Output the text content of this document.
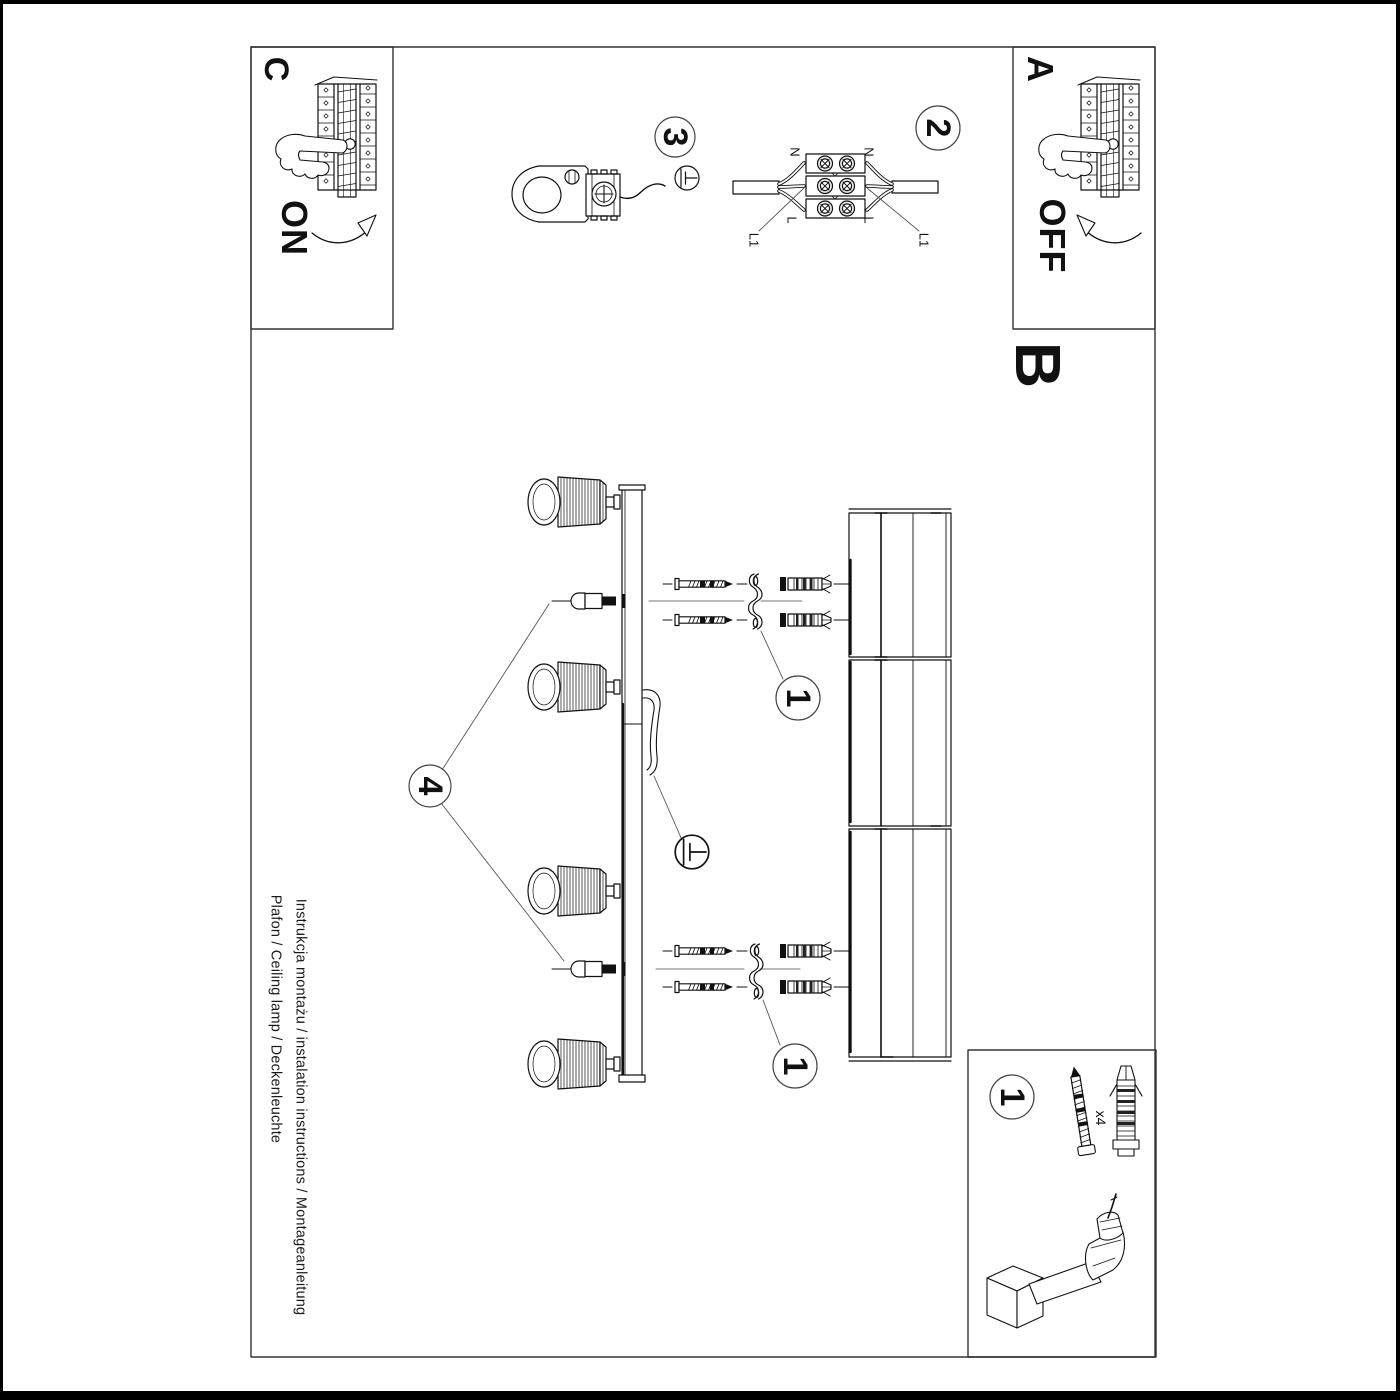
C
ON
A
OFF
B
3	2
1
1
4
1
N	N
L	L
L1	L1
x4
Instrukcja montażu / instalation instructions / Montageanleitung
Plafon / Ceiling lamp / Deckenleuchte
